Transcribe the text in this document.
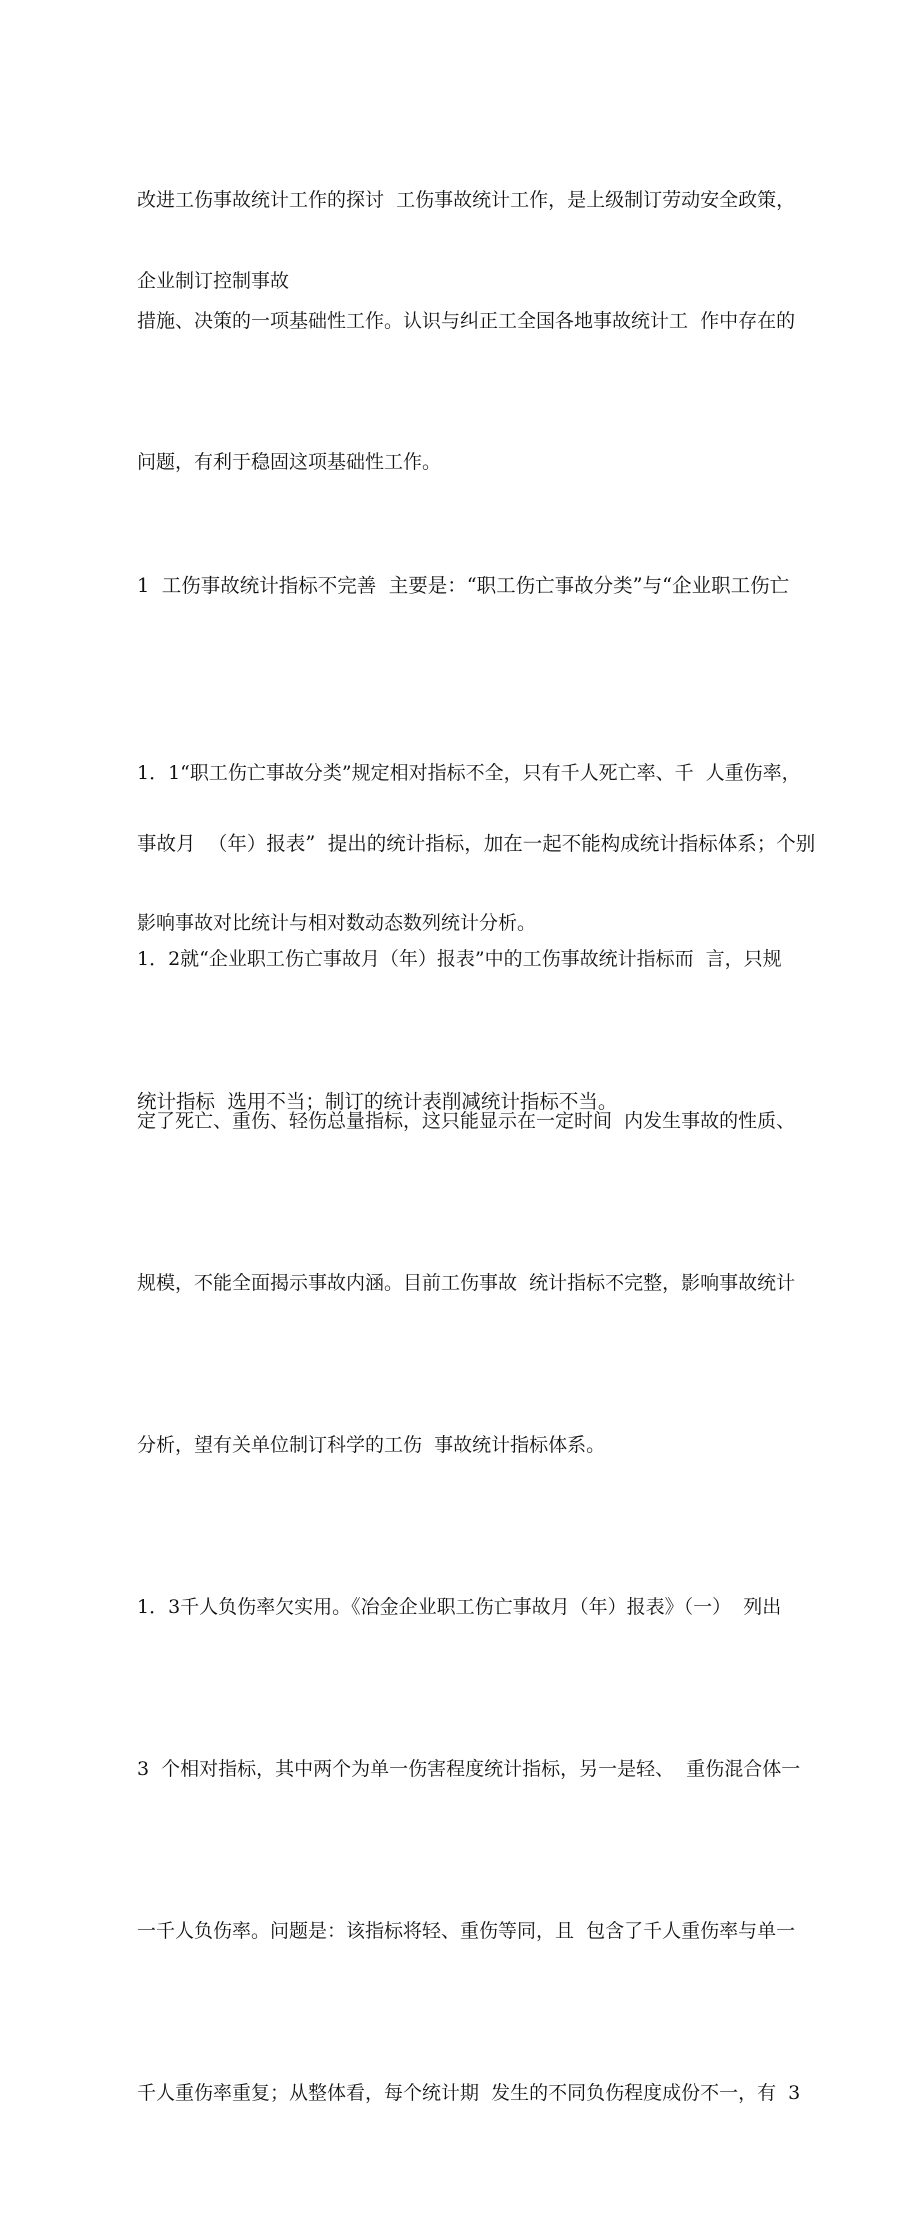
改进工伤事故统计工作的探讨  工伤事故统计工作，是上级制订劳动安全政策，

企业制订控制事故

措施、决策的一项基础性工作。认识与纠正工全国各地事故统计工  作中存在的

问题，有利于稳固这项基础性工作。

1  工伤事故统计指标不完善  主要是：“职工伤亡事故分类”与“企业职工伤亡

事故月  （年）报表”  提出的统计指标，加在一起不能构成统计指标体系；个别

统计指标  选用不当；制订的统计表削减统计指标不当。

1．1“职工伤亡事故分类”规定相对指标不全，只有千人死亡率、千  人重伤率，

影响事故对比统计与相对数动态数列统计分析。

1．2就“企业职工伤亡事故月（年）报表”中的工伤事故统计指标而  言，只规

定了死亡、重伤、轻伤总量指标，这只能显示在一定时间  内发生事故的性质、

规模，不能全面揭示事故内涵。目前工伤事故  统计指标不完整，影响事故统计

分析，望有关单位制订科学的工伤  事故统计指标体系。

1．3千人负伤率欠实用。《冶金企业职工伤亡事故月（年）报表》（一）  列出

3  个相对指标，其中两个为单一伤害程度统计指标，另一是轻、  重伤混合体一

一千人负伤率。问题是：该指标将轻、重伤等同，且  包含了千人重伤率与单一

千人重伤率重复；从整体看，每个统计期  发生的不同负伤程度成份不一，有  3
